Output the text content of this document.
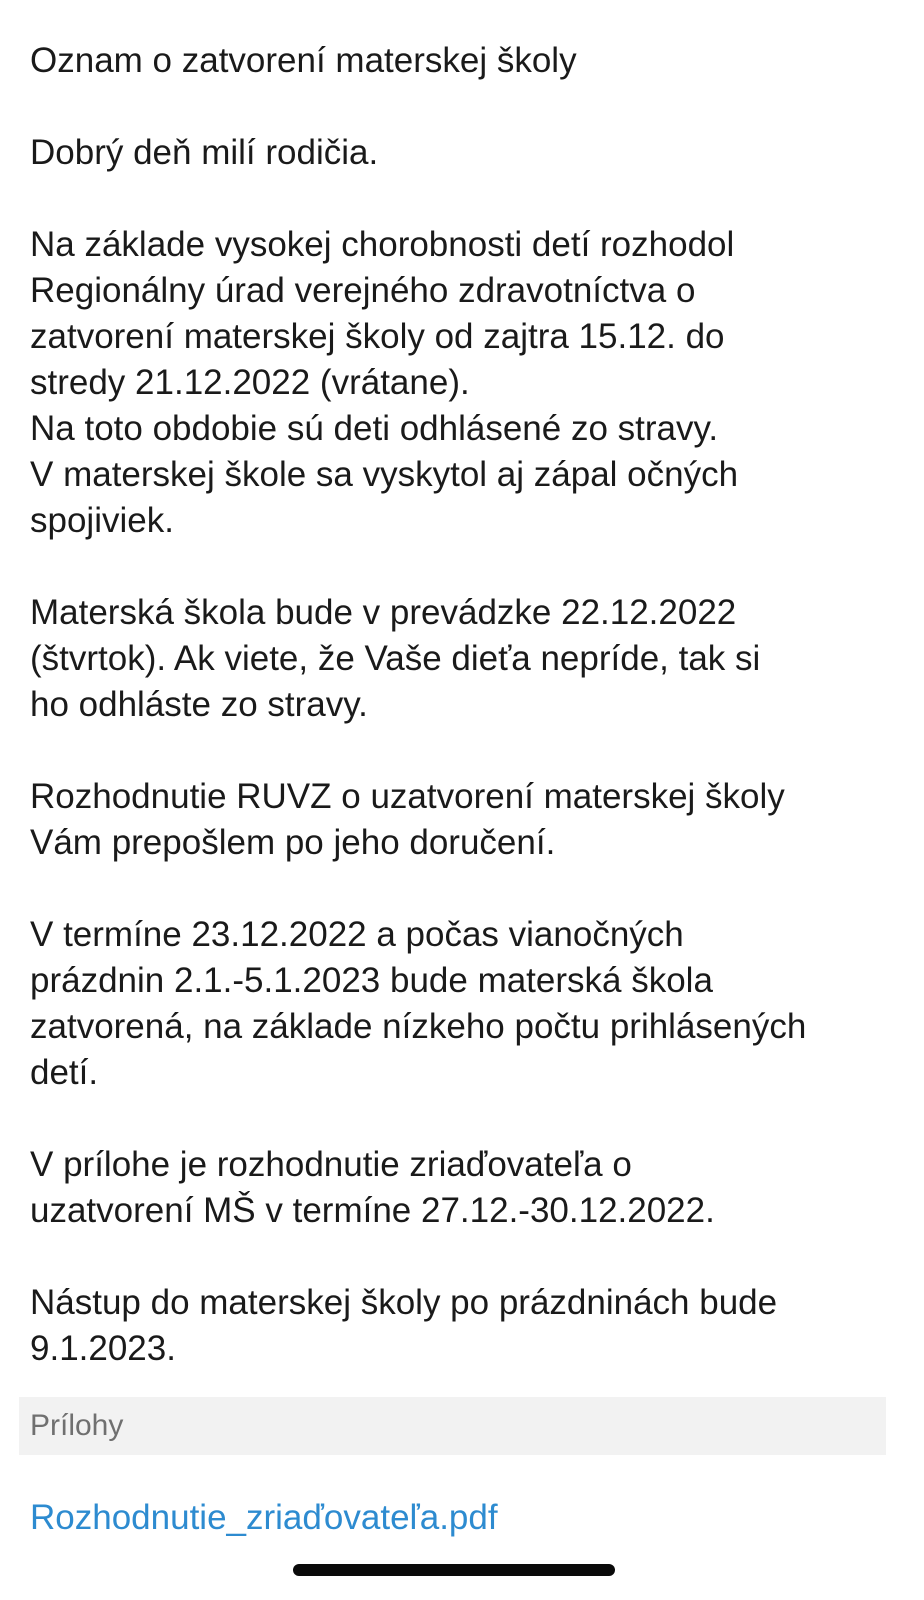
Oznam o zatvorení materskej školy
Dobrý deň milí rodičia.
Na základe vysokej chorobnosti detí rozhodol
Regionálny úrad verejného zdravotníctva o
zatvorení materskej školy od zajtra 15.12. do
stredy 21.12.2022 (vrátane).
Na toto obdobie sú deti odhlásené zo stravy.
V materskej škole sa vyskytol aj zápal očných
spojiviek.
Materská škola bude v prevádzke 22.12.2022
(štvrtok). Ak viete, že Vaše dieťa nepríde, tak si
ho odhláste zo stravy.
Rozhodnutie RUVZ o uzatvorení materskej školy
Vám prepošlem po jeho doručení.
V termíne 23.12.2022 a počas vianočných
prázdnin 2.1.-5.1.2023 bude materská škola
zatvorená, na základe nízkeho počtu prihlásených
detí.
V prílohe je rozhodnutie zriaďovateľa o
uzatvorení MŠ v termíne 27.12.-30.12.2022.
Nástup do materskej školy po prázdninách bude
9.1.2023.
Prílohy
Rozhodnutie_zriaďovateľa.pdf
